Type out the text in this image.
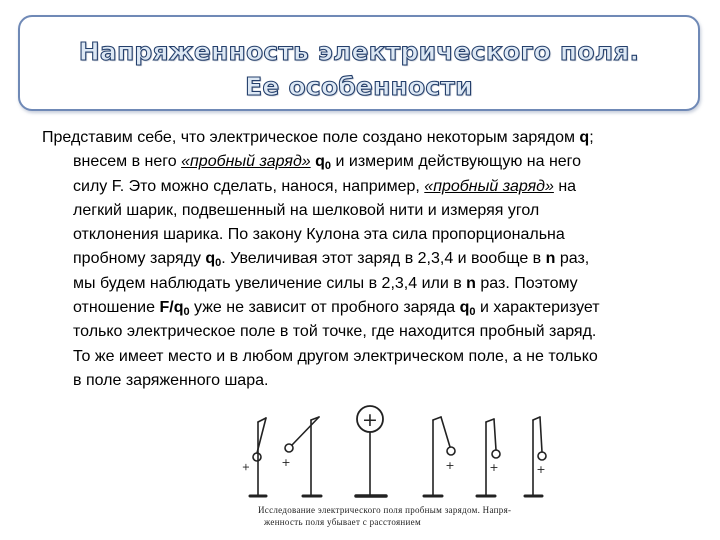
Напряженность электрического поля.
Ее особенности
Представим себе, что электрическое поле создано некоторым зарядом q;
внесем в него «пробный заряд» $q_0$ и измерим действующую на него
силу F. Это можно сделать, нанося, например, «пробный заряд» на
легкий шарик, подвешенный на шелковой нити и измеряя угол
отклонения шарика. По закону Кулона эта сила пропорциональна
пробному заряду $q_0$. Увеличивая этот заряд в 2,3,4 и вообще в n раз,
мы будем наблюдать увеличение силы в 2,3,4 или в n раз. Поэтому
отношение $F/q_0$ уже не зависит от пробного заряда $q_0$ и характеризует
только электрическое поле в той точке, где находится пробный заряд.
То же имеет место и в любом другом электрическом поле, а не только
в поле заряженного шара.
+
+	+	+	+	+
Исследование электрического поля пробным зарядом. Напря-
женность поля убывает с расстоянием
